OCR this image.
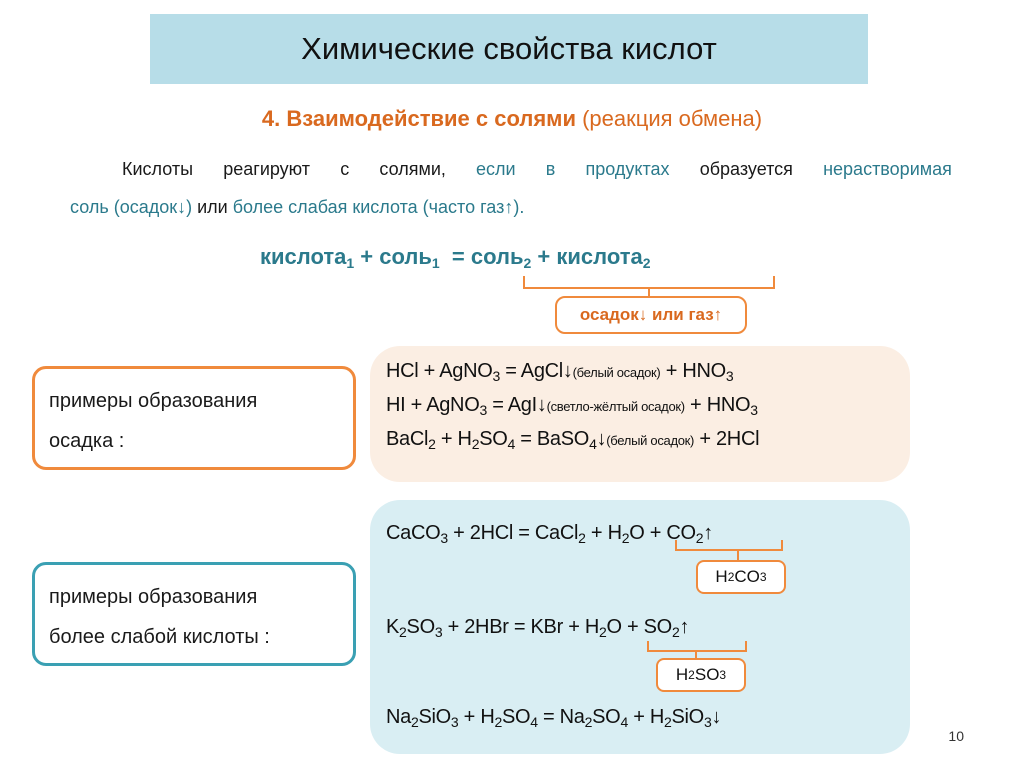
Химические свойства кислот
4. Взаимодействие с солями (реакция обмена)
Кислоты реагируют с солями, если в продуктах образуется нерастворимая
соль (осадок↓) или более слабая кислота (часто газ↑).
кислота$_1$ + соль$_1$  = соль$_2$ + кислота$_2$
осадок↓ или газ↑
примеры образования
осадка :
HCl + AgNO$_3$ = AgCl↓(белый осадок) + $HNO_3$
HI + AgNO$_3$ = AgI↓(светло-жёлтый осадок) + $HNO_3$
BaCl$_2$ + $H_2SO_4$ = BaSO$_4$↓(белый осадок) + 2HCl
примеры образования
более слабой кислоты :
CaCO$_3$ + 2HCl = CaCl$_2$ + $H_2O$ + $CO_2↑$
$K_2SO_3 + 2HBr$ = KBr + $H_2O$ + $SO_2↑$
$Na_2SiO_3 + H_2SO_4 = Na_2SO_4$ + $H_2SiO_3↓$
H 2 CO 3
H 2 SO 3
10
